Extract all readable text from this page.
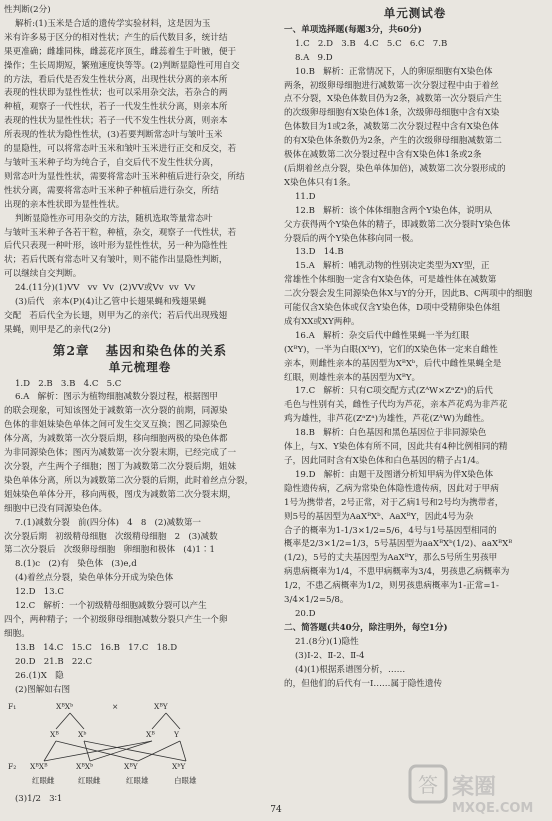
性判断(2分)

解析:(1)玉米是合适的遗传学实验材料，这是因为玉

米有许多易于区分的相对性状；产生的后代数目多，统计结

果更准确；雌雄同株，雌蕊花序顶生，雌蕊着生于叶腋，便于

操作；生长周期短，繁殖速度快等等。(2)判断显隐性可用自交

的方法，看后代是否发生性状分离，出现性状分离的亲本所

表现的性状即为显性性状；也可以采用杂交法，若杂合的两

种植，观察子一代性状，若子一代发生性状分离，则亲本所

表现的性状为显性性状；若子一代不发生性状分离，则亲本

所表现的性状为隐性性状，(3)若要判断常态叶与皱叶玉米

的显隐性，可以将常态叶玉米和皱叶玉米进行正交和反交，若

与皱叶玉米种子均为纯合子，自交后代不发生性状分离，

则常态叶为显性性状，需要将常态叶玉米种植后进行杂交，所结

性状分离，需要将常态叶玉米种子种植后进行杂交，所结

出现的亲本性状即为显性性状。

判断显隐性亦可用杂交的方法，随机选取等量常态叶

与皱叶玉米种子各若干粒，种植，杂交，观察子一代性状，若

后代只表现一种叶形，该叶形为显性性状，另一种为隐性性

状；若后代既有常态叶又有皱叶，则不能作出显隐性判断，

可以继续自交判断。

24.(11分)(1)VV   vv  Vv  (2)VV或Vv  vv  Vv

(3)后代   亲本(P)(4)让乙管中长翅果蝇和残翅果蝇

交配   若后代全为长翅，则甲为乙的亲代；若后代出现残翅

果蝇，则甲是乙的亲代(2分)

第2章   基因和染色体的关系

单元梳理卷

1.D   2.B   3.B   4.C   5.C

6.A   解析：图示为植物细胞减数分裂过程，根据图甲

的联会现象，可知该图处于减数第一次分裂的前期，同源染

色体的非姐妹染色单体之间可发生交叉互换；图乙同源染色

体分离，为减数第一次分裂后期，移向细胞两极的染色体都

为非同源染色体；图丙为减数第一次分裂末期，已经完成了一

次分裂，产生两个子细胞；图丁为减数第二次分裂后期，姐妹

染色单体分离，所以为减数第二次分裂的后期，此时着丝点分裂，

姐妹染色单体分开，移向两极，图戊为减数第二次分裂末期，

细胞中已没有同源染色体。

7.(1)减数分裂   前(四分体)   4   8   (2)减数第一

次分裂后期   初级精母细胞   次级精母细胞   2   (3)减数

第二次分裂后   次级卵母细胞   卵细胞和极体   (4)1∶1

8.(1)c   (2)有   染色体   (3)e,d

(4)着丝点分裂，染色单体分开成为染色体

12.D   13.C

12.C   解析：一个初级精母细胞减数分裂可以产生

四个，两种精子；一个初级卵母细胞减数分裂只产生一个卵

细胞。

13.B   14.C   15.C   16.B   17.C   18.D

20.D   21.B   22.C

26.(1)X   隐

(2)图解如右图

F₁	XᴮXᵇ	×	XᴮY
Xᴮ	Xᵇ	Xᴮ	Y
F₂ XᴮXᴮ	XᴮXᵇ	XᴮY	XᵇY
红眼雌	红眼雌	红眼雄	白眼雄

(3)1/2   3∶1

单元测试卷

一、单项选择题(每题3分，共60分)

1.C   2.D   3.B   4.C   5.C   6.C   7.B

8.A   9.D

10.B   解析：正常情况下，人的卵原细胞有X染色体

两条，初级卵母细胞进行减数第一次分裂过程中由于着丝

点不分裂，X染色体数目仍为2条，减数第一次分裂后产生

的次级卵母细胞有X染色体1条，次级卵母细胞中含有X染

色体数目为1或2条，减数第二次分裂过程中含有X染色体

的有X染色体条数仍为2条，产生的次级卵母细胞减数第二

极体在减数第二次分裂过程中含有X染色体1条或2条

(后期着丝点分裂，染色单体加倍)，减数第二次分裂形成的

X染色体只有1条。

11.D

12.B   解析：该个体体细胞含两个Y染色体，说明从

父方获得两个Y染色体的精子，即减数第二次分裂时Y染色体

分裂后的两个Y染色体移向同一极。

13.D   14.B

15.A   解析：哺乳动物的性别决定类型为XY型，正

常雄性个体细胞一定含有X染色体，可是雄性体在减数第

二次分裂会发生同源染色体X与Y的分开，因此B、C两项中的细胞

可能仅含X染色体或仅含Y染色体，D项中受精卵染色体组

成有XX或XY两种。

16.A   解析：杂交后代中雌性果蝇一半为红眼

(XᴮY)，一半为白眼(XᵇY)，它们的X染色体一定来自雌性

亲本，则雌性亲本的基因型为XᴮXᵇ，后代中雌性果蝇全是

红眼，则雄性亲本的基因型为XᴮY。

17.C   解析：只有C项交配方式(ZᴬW×ZᵃZᵃ)的后代

毛色与性别有关，雌性子代均为芦花，亲本芦花鸡为非芦花

鸡为雄性，非芦花(ZᵃZᵃ)为雄性，芦花(ZᴬW)为雌性。

18.B   解析：白色基因和黑色基因位于非同源染色

体上，与X、Y染色体有所不同，因此共有4种比例相同的精

子，因此同时含有X染色体和白色基因的精子占1/4。

19.D   解析：由题干及图谱分析知甲病为伴X染色体

隐性遗传病，乙病为常染色体隐性遗传病，因此对于甲病

1号为携带者，2号正常，对于乙病1号和2号均为携带者，

则5号的基因型为AaXᴮXᵇ、AaXᴮY，因此4号为杂

合子的概率为1-1/3×1/2=5/6，4号与1号基因型相同的

概率是2/3×1/2=1/3，5号基因型为aaXᴮXᵇ(1/2)、aaXᴮXᴮ

(1/2)，5号的丈夫基因型为AaXᴮY，那么5号所生男孩甲

病患病概率为1/4，不患甲病概率为3/4，男孩患乙病概率为

1/2，不患乙病概率为1/2，则男孩患病概率为1-正常=1-

3/4×1/2=5/8。

20.D

二、简答题(共40分，除注明外，每空1分)

21.(8分)(1)隐性

(3)Ⅰ-2、Ⅱ-2、Ⅱ-4

(4)(1)根据系谱图分析，……

的，但他们的后代有一I……属于隐性遗传

74
答 案圈
MXQE.COM
